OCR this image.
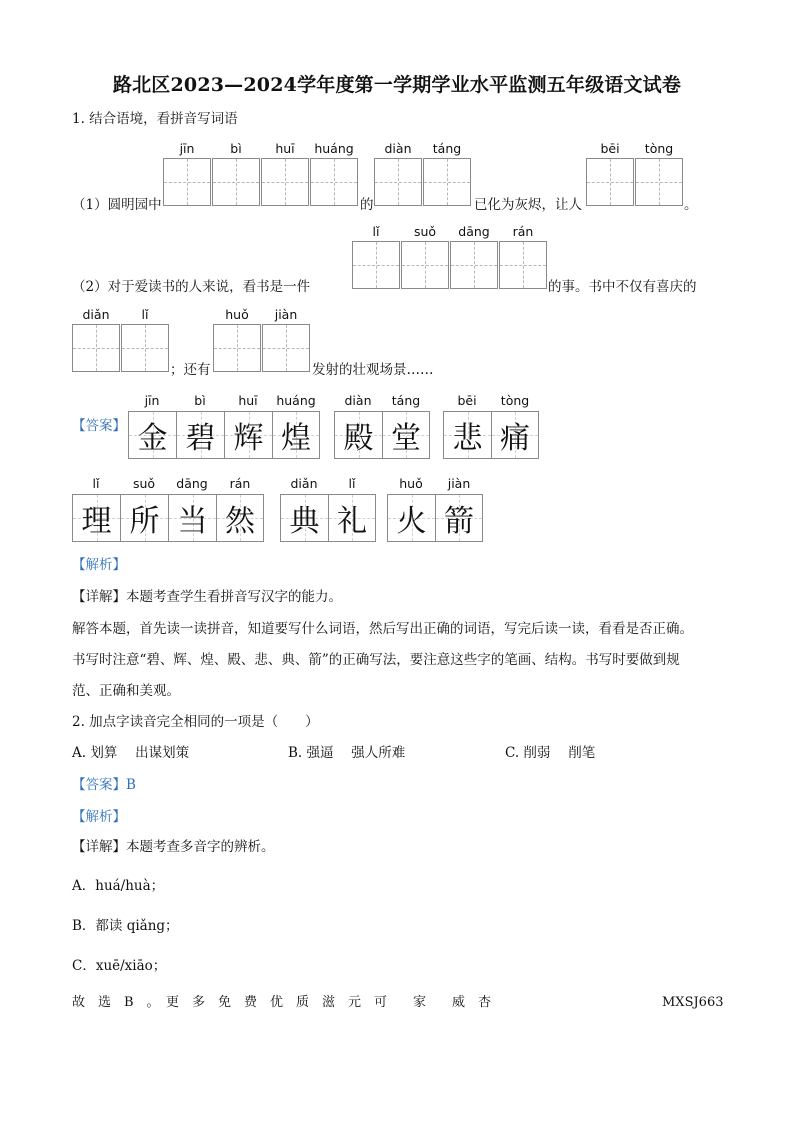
路北区2023—2024学年度第一学期学业水平监测五年级语文试卷
1. 结合语境，看拼音写词语
jīn	bì	huī	huáng	diàn	táng	bēi	tòng
（1）圆明园中	的	已化为灰烬，让人	。
lǐ	suǒ	dāng	rán
（2）对于爱读书的人来说，看书是一件	的事。书中不仅有喜庆的
diǎn	lǐ	huǒ	jiàn
；还有	发射的壮观场景……
【答案】
jīn
金
bì
碧
huī
辉
huáng
煌
diàn
殿
táng
堂
bēi
悲
tòng
痛
lǐ
理
suǒ
所
dāng
当
rán
然
diǎn
典
lǐ
礼
huǒ
火
jiàn
箭
【解析】
【详解】本题考查学生看拼音写汉字的能力。
解答本题，首先读一读拼音，知道要写什么词语，然后写出正确的词语，写完后读一读，看看是否正确。
书写时注意“碧、辉、煌、殿、悲、典、箭”的正确写法，要注意这些字的笔画、结构。书写时要做到规
范、正确和美观。
2. 加点字读音完全相同的一项是（　　）
A. 划算　 出谋划策	B. 强逼　 强人所难	C. 削弱　 削笔
【答案】B
【解析】
【详解】本题考查多音字的辨析。
A．huá/huà；
B．都读 qiǎng；
C．xuē/xiāo；
故　选　B　。　更　多　免　费　优　质　滋　元　可　　家　　威　杏	MXSJ663
